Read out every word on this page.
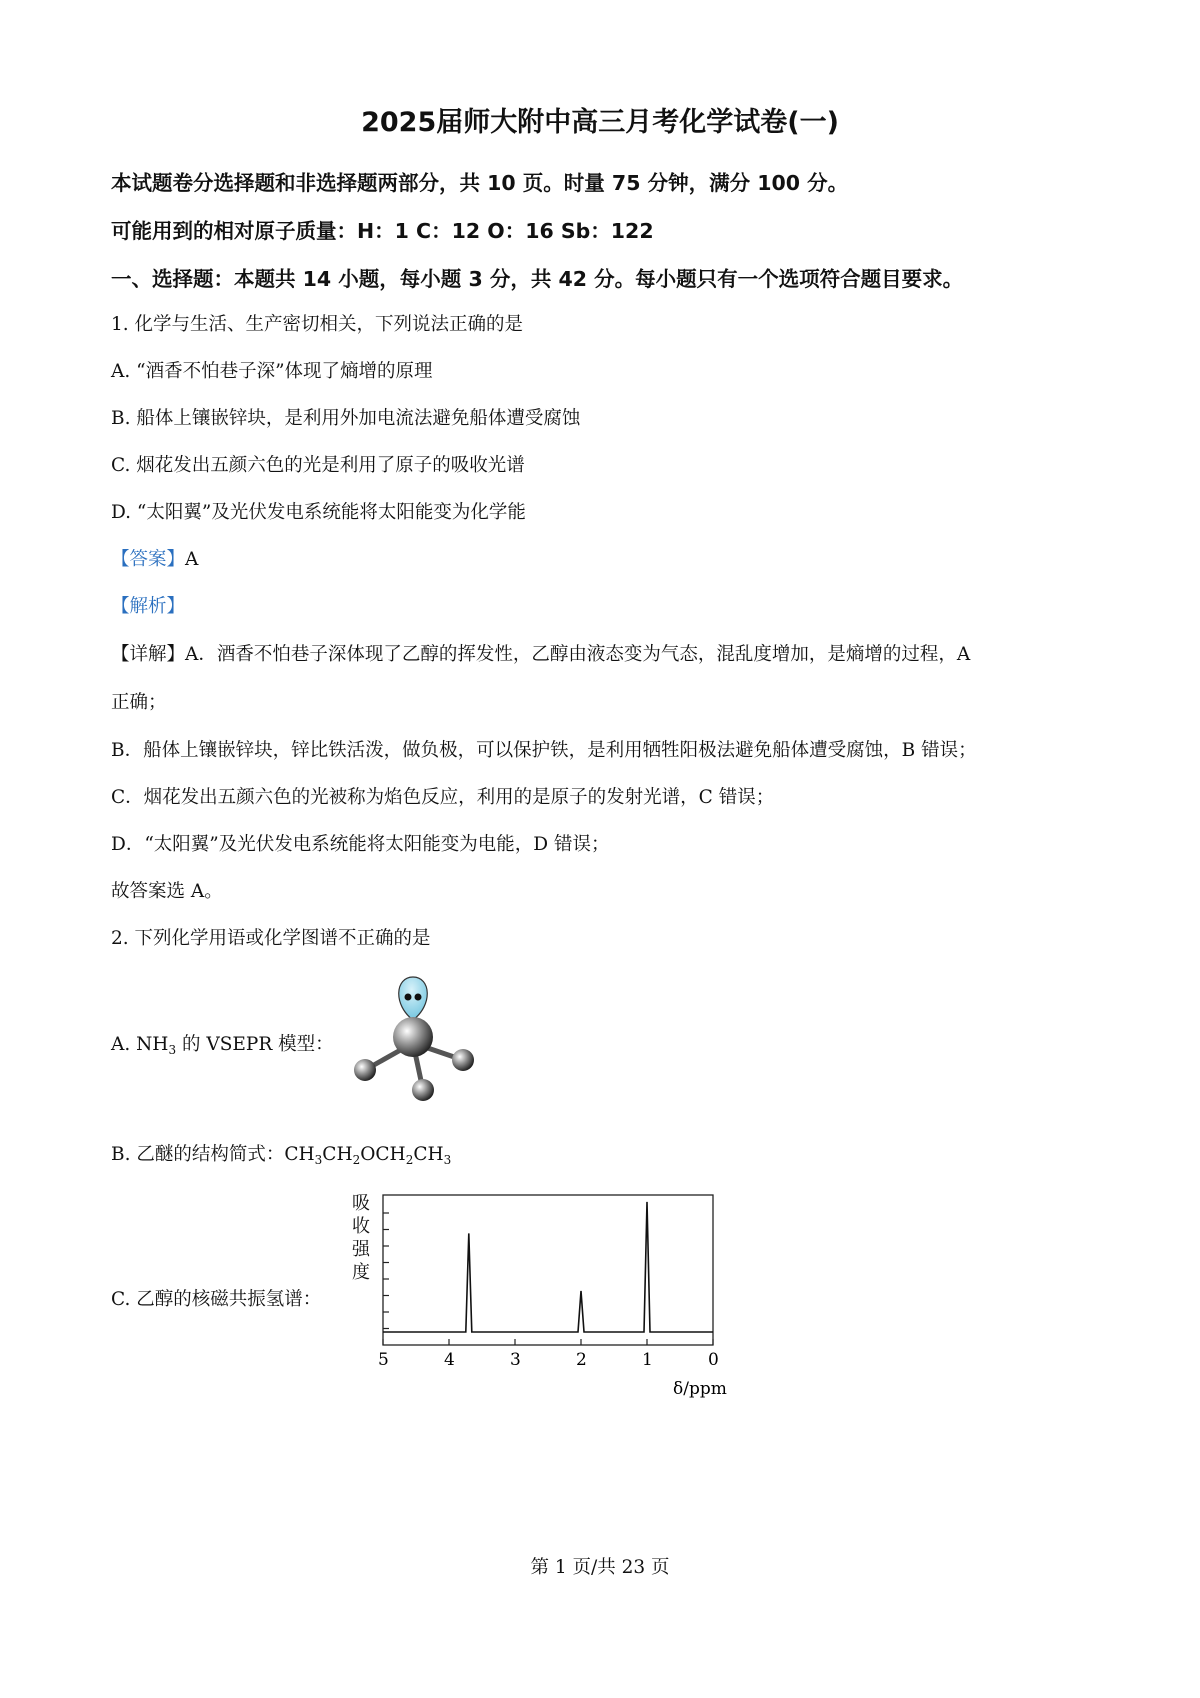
2025届师大附中高三月考化学试卷(一)
本试题卷分选择题和非选择题两部分，共 10 页。时量 75 分钟，满分 100 分。
可能用到的相对原子质量：H：1 C：12 O：16 Sb：122
一、选择题：本题共 14 小题，每小题 3 分，共 42 分。每小题只有一个选项符合题目要求。
1. 化学与生活、生产密切相关，下列说法正确的是
A. “酒香不怕巷子深”体现了熵增的原理
B. 船体上镶嵌锌块，是利用外加电流法避免船体遭受腐蚀
C. 烟花发出五颜六色的光是利用了原子的吸收光谱
D. “太阳翼”及光伏发电系统能将太阳能变为化学能
【答案】A
【解析】
【详解】A．酒香不怕巷子深体现了乙醇的挥发性，乙醇由液态变为气态，混乱度增加，是熵增的过程，A
正确；
B．船体上镶嵌锌块，锌比铁活泼，做负极，可以保护铁，是利用牺牲阳极法避免船体遭受腐蚀，B 错误；
C．烟花发出五颜六色的光被称为焰色反应，利用的是原子的发射光谱，C 错误；
D．“太阳翼”及光伏发电系统能将太阳能变为电能，D 错误；
故答案选 A。
2. 下列化学用语或化学图谱不正确的是
A. $NH_3$ 的 VSEPR 模型：
B. 乙醚的结构简式：$CH_3CH_2OCH_2CH_3$
C. 乙醇的核磁共振氢谱：
吸
收
强
度
5	4	3	2	1	0
δ/ppm
第 1 页/共 23 页
